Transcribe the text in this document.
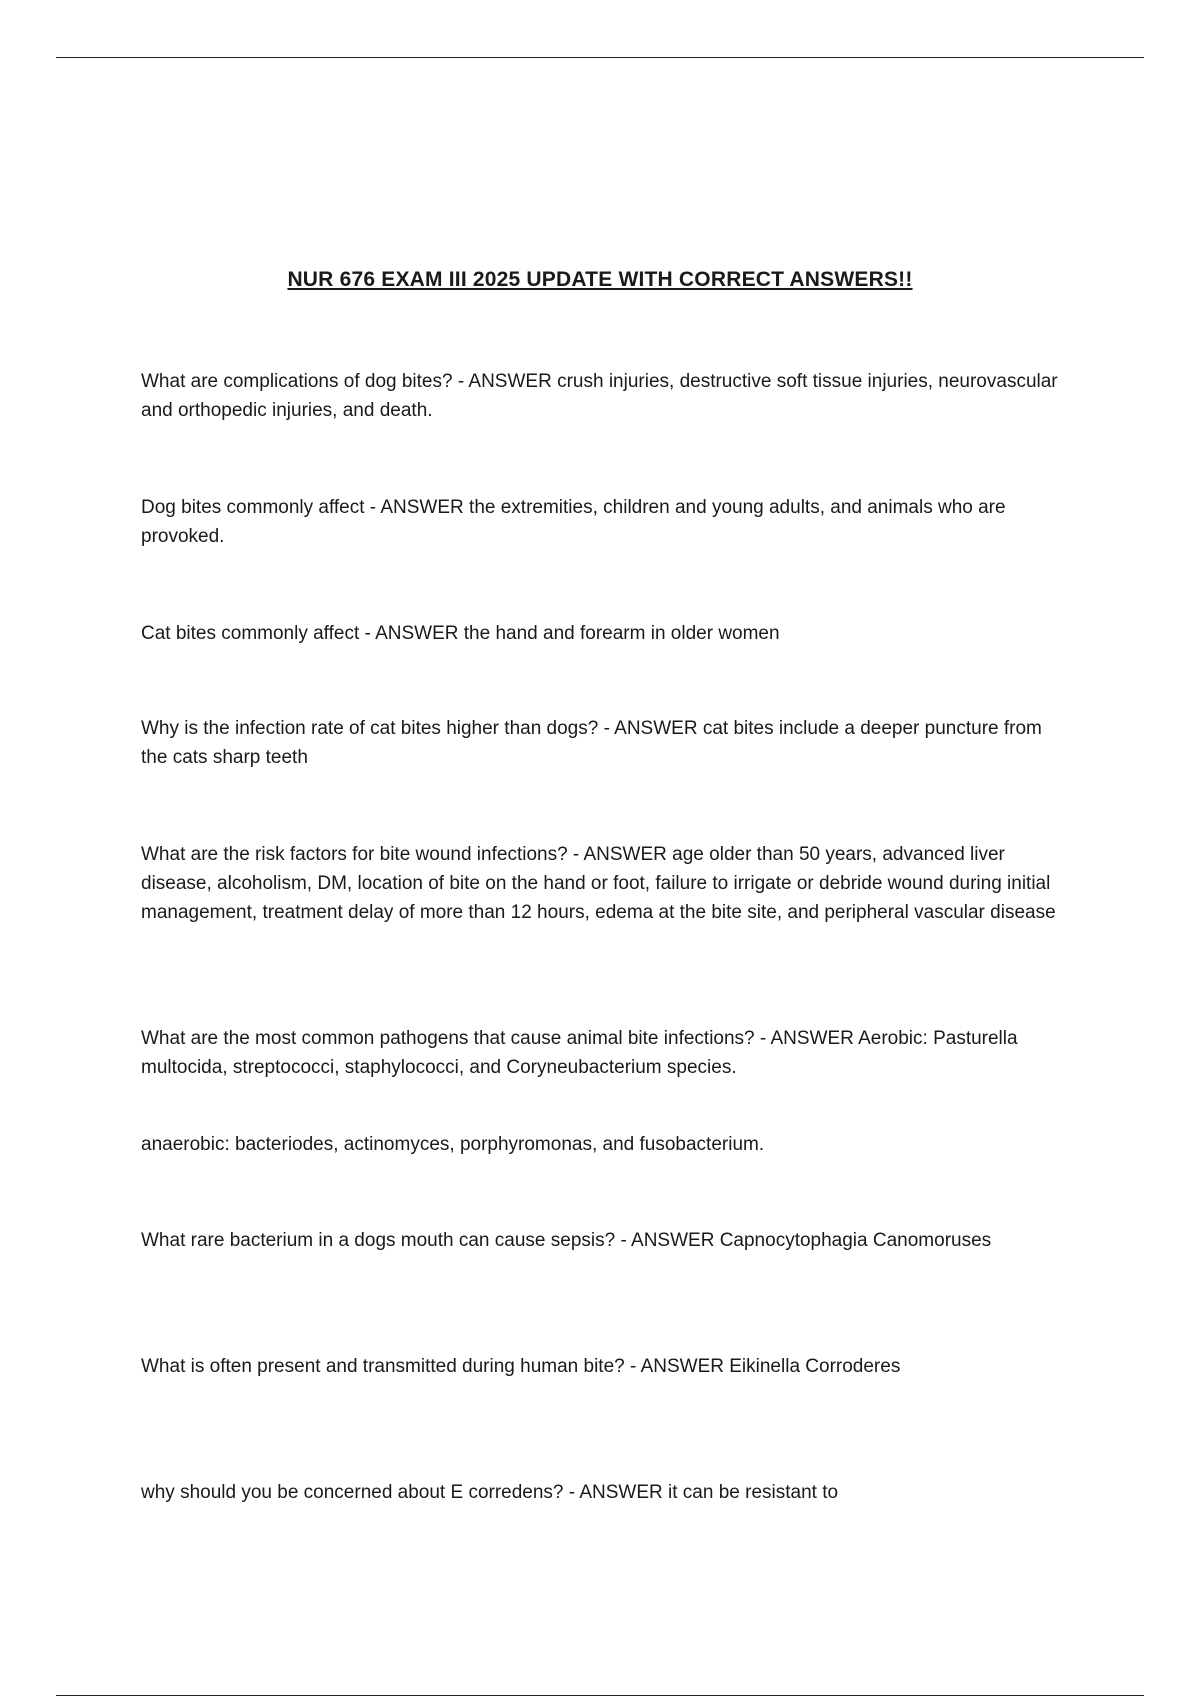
NUR 676 EXAM III 2025 UPDATE WITH CORRECT ANSWERS!!

What are complications of dog bites? - ANSWER crush injuries, destructive soft tissue injuries, neurovascular and orthopedic injuries, and death.

Dog bites commonly affect - ANSWER the extremities, children and young adults, and animals who are provoked.

Cat bites commonly affect - ANSWER the hand and forearm in older women

Why is the infection rate of cat bites higher than dogs? - ANSWER cat bites include a deeper puncture from the cats sharp teeth

What are the risk factors for bite wound infections? - ANSWER age older than 50 years, advanced liver disease, alcoholism, DM, location of bite on the hand or foot, failure to irrigate or debride wound during initial management, treatment delay of more than 12 hours, edema at the bite site, and peripheral vascular disease

What are the most common pathogens that cause animal bite infections? - ANSWER Aerobic: Pasturella multocida, streptococci, staphylococci, and Coryneubacterium species.

anaerobic: bacteriodes, actinomyces, porphyromonas, and fusobacterium.

What rare bacterium in a dogs mouth can cause sepsis? - ANSWER Capnocytophagia Canomoruses

What is often present and transmitted during human bite? - ANSWER Eikinella Corroderes

why should you be concerned about E corredens? - ANSWER it can be resistant to
